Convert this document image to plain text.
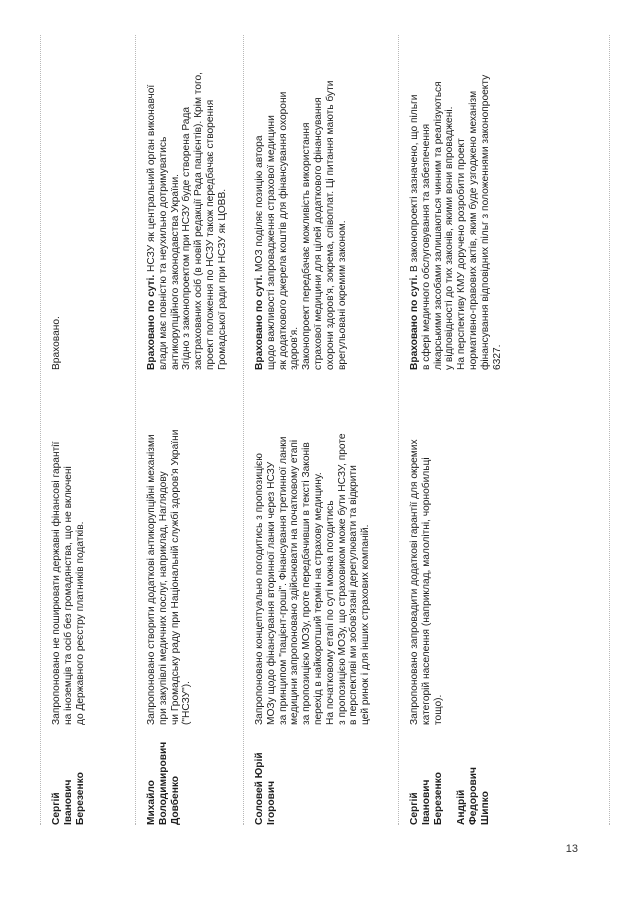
Сергій Іванович
Березенко
Запропоновано не поширювати державні фінансові гарантії
на іноземців та осіб без громадянства, що не включені
до Державного реєстру платників податків.
Враховано.
Михайло
Володимирович
Довбенко
Запропоновано створити додаткові антикорупційні механізми
при закупівлі медичних послуг, наприклад, Наглядову
чи Громадську раду при Національній службі здоров'я України
("НСЗУ").
Враховано по суті. НСЗУ як центральний орган виконавчої
влади має повністю та неухильно дотримуватись
антикорупційного законодавства України.
Згідно з законопроектом при НСЗУ буде створена Рада
застрахованих осіб (в новій редакції Рада пацієнтів). Крім того,
проект положення по НСЗУ також передбачає створення
Громадської ради при НСЗУ як ЦОВВ.
Соловей Юрій
Ігорович
Запропоновано концептуально погодитись з пропозицією
МОЗу щодо фінансування вторинної ланки через НСЗУ
за принципом "пацієнт-гроші". Фінансування третинної ланки
медицини запропоновано здійснювати на початковому етапі
за пропозицією МОЗу, проте передбачивши в тексті Законів
перехід в найкоротший термін на страхову медицину.
На початковому етапі по суті можна погодитись
з пропозицією МОЗу, що страховиком може бути НСЗУ, проте
в перспективі ми зобов'язані дерегулювати та відкрити
цей ринок і для інших страхових компаній.
Враховано по суті. МОЗ поділяє позицію автора
щодо важливості запровадження страхової медицини
як додаткового джерела коштів для фінансування охорони
здоров'я.
Законопроект передбачає можливість використання
страхової медицини для цілей додаткового фінансування
охорони здоров'я, зокрема, співоплат. Ці питання мають бути
врегульовані окремим законом.
Сергій Іванович
Березенко

Андрій Федорович
Шипко
Запропоновано запровадити додаткові гарантії для окремих
категорій населення (наприклад, малолітні, чорнобильці
тощо).
Враховано по суті. В законопроекті зазначено, що пільги
в сфері медичного обслуговування та забезпечення
лікарськими засобами залишаються чинним та реалізуються
у відповідності до тих законів, якими вони впроваджені.
На перспективу КМУ доручено розробити проект
нормативно-правових актів, яким буде узгоджено механізм
фінансування відповідних пільг з положеннями законопроекту
6327.
13
